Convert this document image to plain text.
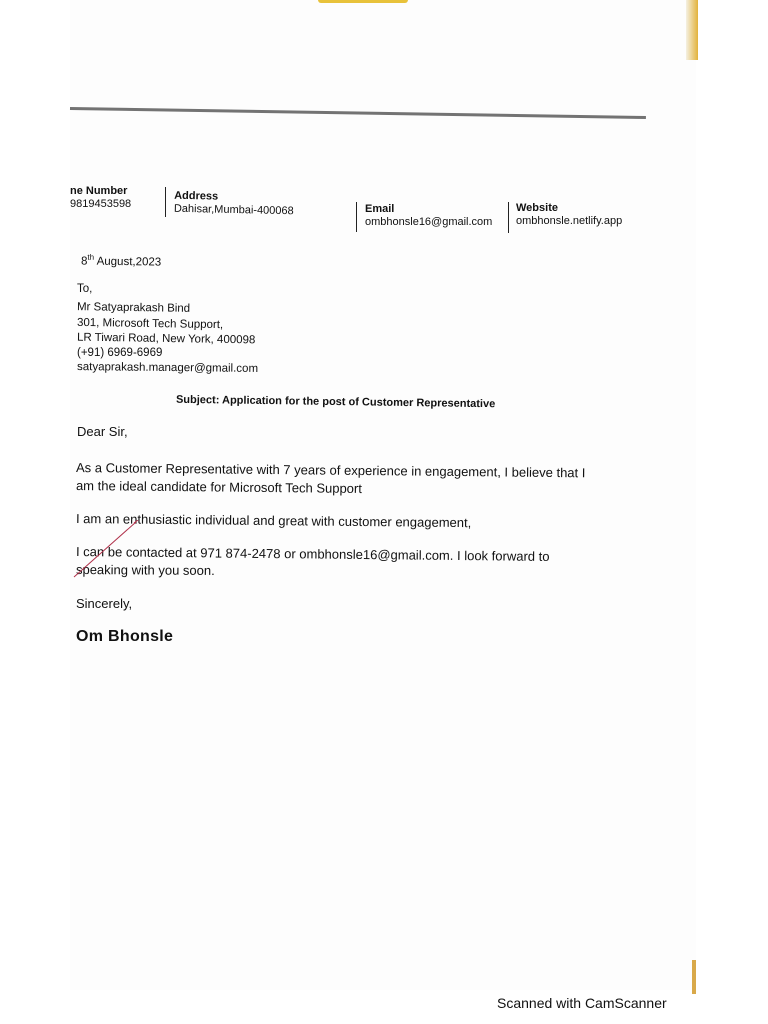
ne Number
9819453598
Address
Dahisar,Mumbai-400068	Email
ombhonsle16@gmail.com
Website
ombhonsle.netlify.app
8th August,2023
To,
Mr Satyaprakash Bind
301, Microsoft Tech Support,
LR Tiwari Road, New York, 400098
(+91) 6969-6969
satyaprakash.manager@gmail.com
Subject: Application for the post of Customer Representative
Dear Sir,
As a Customer Representative with 7 years of experience in engagement, I believe that I
am the ideal candidate for Microsoft Tech Support
I am an enthusiastic individual and great with customer engagement,
I can be contacted at 971 874-2478 or ombhonsle16@gmail.com. I look forward to
speaking with you soon.
Sincerely,
Om Bhonsle
Scanned with CamScanner
